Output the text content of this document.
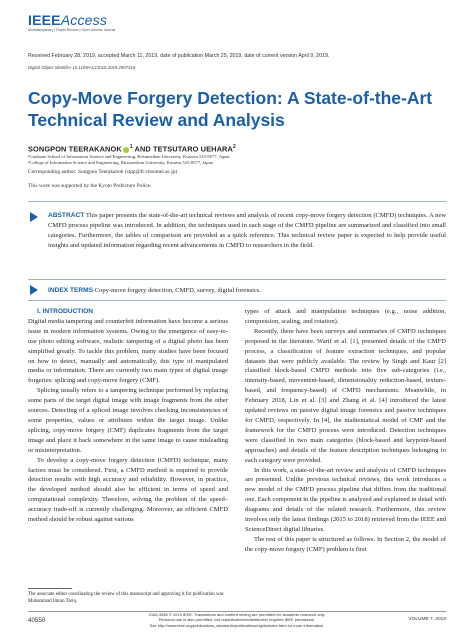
IEEEAccess
Multidisciplinary | Rapid Review | Open Access Journal
Received February 28, 2019, accepted March 11, 2019, date of publication March 25, 2019, date of current version April 9, 2019.
Digital Object Identifier 10.1109/ACCESS.2019.2907316
Copy-Move Forgery Detection: A State-of-the-Art Technical Review and Analysis
SONGPON TEERAKANOK $^1$ AND TETSUTARO UEHARA$^2$
¹Graduate School of Information Science and Engineering, Ritsumeikan University, Kusatsu 525-8577, Japan
²College of Information Science and Engineering, Ritsumeikan University, Kusatsu 525-8577, Japan
Corresponding author: Songpon Teerakanok (stpp@fc.ritsumei.ac.jp)
This work was supported by the Kyoto Prefecture Police.
ABSTRACT This paper presents the state-of-the-art technical reviews and analysis of recent copy-move forgery detection (CMFD) techniques. A new CMFD process pipeline was introduced. In addition, the techniques used in each stage of the CMFD pipeline are summarized and classified into small categories. Furthermore, the tables of comparison are provided as a quick reference. This technical review paper is expected to help provide useful insights and updated information regarding recent advancements in CMFD to researchers in the field.
INDEX TERMS Copy-move forgery detection, CMFD, survey, digital forensics.

I. INTRODUCTION

Digital media tampering and counterfeit information have become a serious issue in modern information systems. Owing to the emergence of easy-to-use photo editing software, realistic tampering of a digital photo has been simplified greatly. To tackle this problem, many studies have been focused on how to detect, manually and automatically, this type of manipulated media or information. There are currently two main types of digital image forgeries: splicing and copy-move forgery (CMF).

Splicing usually refers to a tampering technique performed by replacing some parts of the target digital image with image fragments from the other sources. Detecting of a spliced image involves checking inconsistencies of some properties, values or attributes within the target image. Unlike splicing, copy-move forgery (CMF) duplicates fragments from the target image and place it back somewhere in the same image to cause misleading or misinterpretation.

To develop a copy-move forgery detection (CMFD) technique, many factors must be considered. First, a CMFD method is required to provide detection results with high accuracy and reliability. However, in practice, the developed method should also be efficient in terms of speed and computational complexity. Therefore, solving the problem of the speed–accuracy trade-off is currently challenging. Moreover, an efficient CMFD method should be robust against various

types of attack and manipulation techniques (e.g., noise addition, compression, scaling, and rotation).

Recently, there have been surveys and summaries of CMFD techniques proposed in the literature. Warif et al. [1], presented details of the CMFD process, a classification of feature extraction techniques, and popular datasets that were publicly available. The review by Singh and Kaur [2] classified block-based CMFD methods into five sub-categories (i.e., intensity-based, movement-based, dimensionality reduction-based, texture-based, and frequency-based) of CMFD mechanisms. Meanwhile, in February 2018, Lin et al. [3] and Zhang et al. [4] introduced the latest updated reviews on passive digital image forensics and passive techniques for CMFD, respectively. In [4], the mathematical model of CMF and the framework for the CMFD process were introduced. Detection techniques were classified in two main categories (block-based and keypoint-based approaches) and details of the feature description techniques belonging to each category were provided.

In this work, a state-of-the-art review and analysis of CMFD techniques are presented. Unlike previous technical reviews, this work introduces a new model of the CMFD process pipeline that differs from the traditional one. Each component in the pipeline is analyzed and explained in detail with diagrams and details of the related research. Furthermore, this review involves only the latest findings (2015 to 2018) retrieved from the IEEE and ScienceDirect digital libraries.

The rest of this paper is structured as follows. In Section 2, the model of the copy-move forgery (CMF) problem is first

The associate editor coordinating the review of this manuscript and approving it for publication was Muhammad Imran Tariq.
40550
2169-3536 © 2019 IEEE. Translations and content mining are permitted for academic research only.
Personal use is also permitted, but republication/redistribution requires IEEE permission.
See http://www.ieee.org/publications_standards/publications/rights/index.html for more information.
VOLUME 7, 2019
